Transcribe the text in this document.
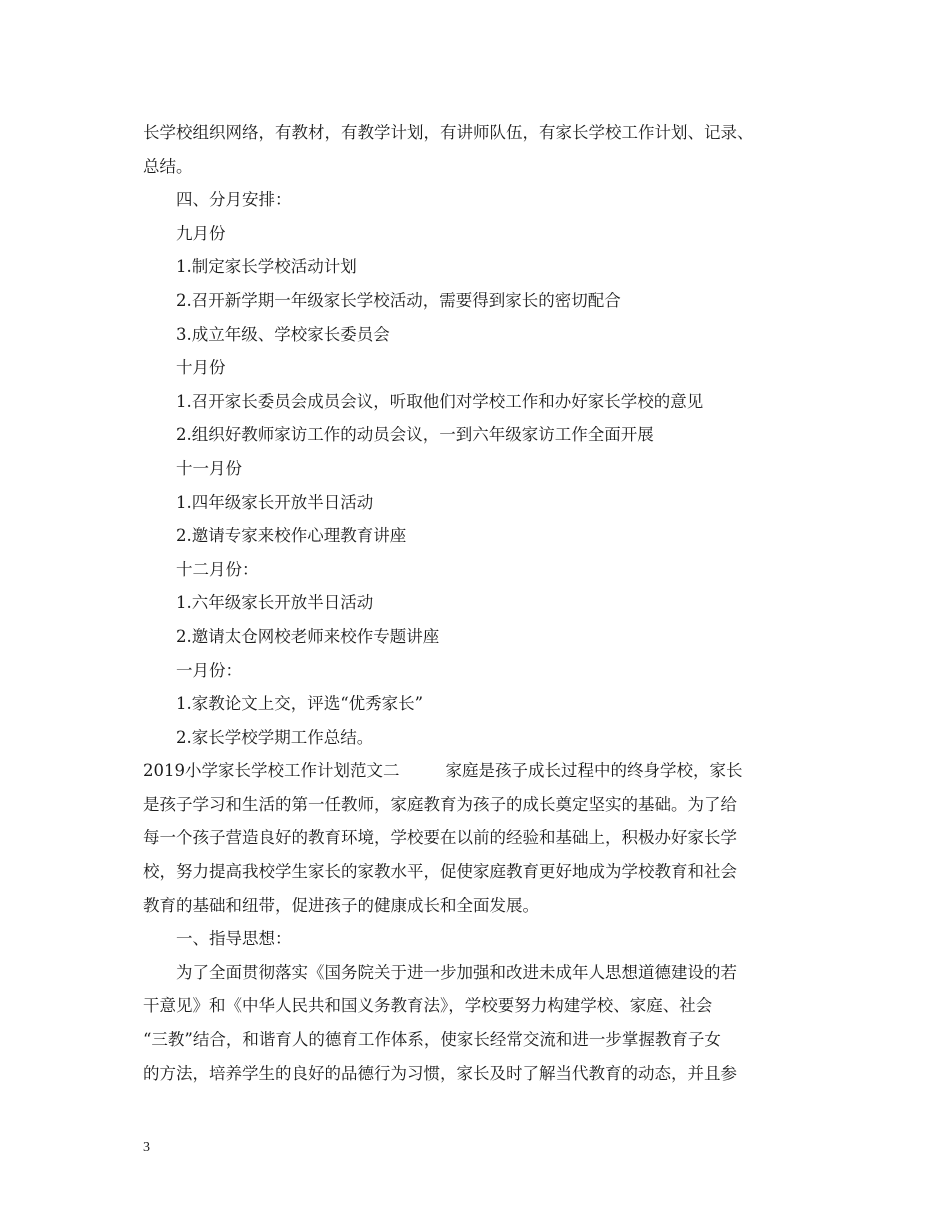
长学校组织网络，有教材，有教学计划，有讲师队伍，有家长学校工作计划、记录、

总结。

四、分月安排：

九月份

1.制定家长学校活动计划

2.召开新学期一年级家长学校活动，需要得到家长的密切配合

3.成立年级、学校家长委员会

十月份

1.召开家长委员会成员会议，听取他们对学校工作和办好家长学校的意见

2.组织好教师家访工作的动员会议，一到六年级家访工作全面开展

十一月份

1.四年级家长开放半日活动

2.邀请专家来校作心理教育讲座

十二月份：

1.六年级家长开放半日活动

2.邀请太仓网校老师来校作专题讲座

一月份：

1.家教论文上交，评选“优秀家长”

2.家长学校学期工作总结。

2019小学家长学校工作计划范文二	家庭是孩子成长过程中的终身学校，家长

是孩子学习和生活的第一任教师，家庭教育为孩子的成长奠定坚实的基础。为了给

每一个孩子营造良好的教育环境，学校要在以前的经验和基础上，积极办好家长学

校，努力提高我校学生家长的家教水平，促使家庭教育更好地成为学校教育和社会

教育的基础和纽带，促进孩子的健康成长和全面发展。

一、指导思想：

为了全面贯彻落实《国务院关于进一步加强和改进未成年人思想道德建设的若

干意见》和《中华人民共和国义务教育法》，学校要努力构建学校、家庭、社会

“三教”结合，和谐育人的德育工作体系，使家长经常交流和进一步掌握教育子女

的方法，培养学生的良好的品德行为习惯，家长及时了解当代教育的动态，并且参

3
